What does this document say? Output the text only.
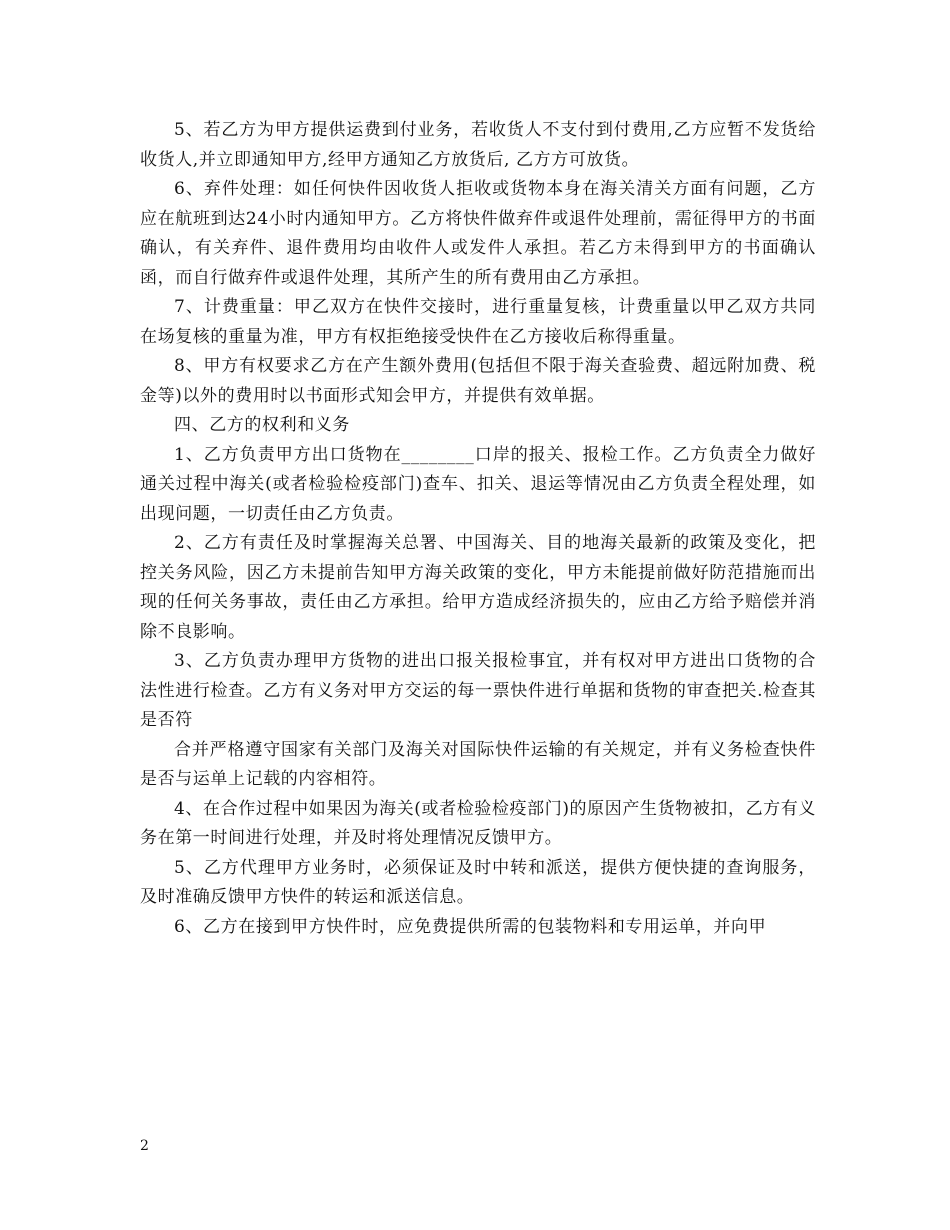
5、若乙方为甲方提供运费到付业务，若收货人不支付到付费用,乙方应暂不发货给收货人,并立即通知甲方,经甲方通知乙方放货后, 乙方方可放货。

6、弃件处理：如任何快件因收货人拒收或货物本身在海关清关方面有问题，乙方应在航班到达24小时内通知甲方。乙方将快件做弃件或退件处理前，需征得甲方的书面确认，有关弃件、退件费用均由收件人或发件人承担。若乙方未得到甲方的书面确认函，而自行做弃件或退件处理，其所产生的所有费用由乙方承担。

7、计费重量：甲乙双方在快件交接时，进行重量复核，计费重量以甲乙双方共同在场复核的重量为准，甲方有权拒绝接受快件在乙方接收后称得重量。

8、甲方有权要求乙方在产生额外费用(包括但不限于海关查验费、超远附加费、税金等)以外的费用时以书面形式知会甲方，并提供有效单据。

四、乙方的权利和义务

1、乙方负责甲方出口货物在________口岸的报关、报检工作。乙方负责全力做好通关过程中海关(或者检验检疫部门)查车、扣关、退运等情况由乙方负责全程处理，如出现问题，一切责任由乙方负责。

2、乙方有责任及时掌握海关总署、中国海关、目的地海关最新的政策及变化，把控关务风险，因乙方未提前告知甲方海关政策的变化，甲方未能提前做好防范措施而出现的任何关务事故，责任由乙方承担。给甲方造成经济损失的，应由乙方给予赔偿并消除不良影响。

3、乙方负责办理甲方货物的进出口报关报检事宜，并有权对甲方进出口货物的合法性进行检查。乙方有义务对甲方交运的每一票快件进行单据和货物的审查把关.检查其是否符

合并严格遵守国家有关部门及海关对国际快件运输的有关规定，并有义务检查快件是否与运单上记载的内容相符。

4、在合作过程中如果因为海关(或者检验检疫部门)的原因产生货物被扣，乙方有义务在第一时间进行处理，并及时将处理情况反馈甲方。

5、乙方代理甲方业务时，必须保证及时中转和派送，提供方便快捷的查询服务，及时准确反馈甲方快件的转运和派送信息。

6、乙方在接到甲方快件时，应免费提供所需的包装物料和专用运单，并向甲

2
